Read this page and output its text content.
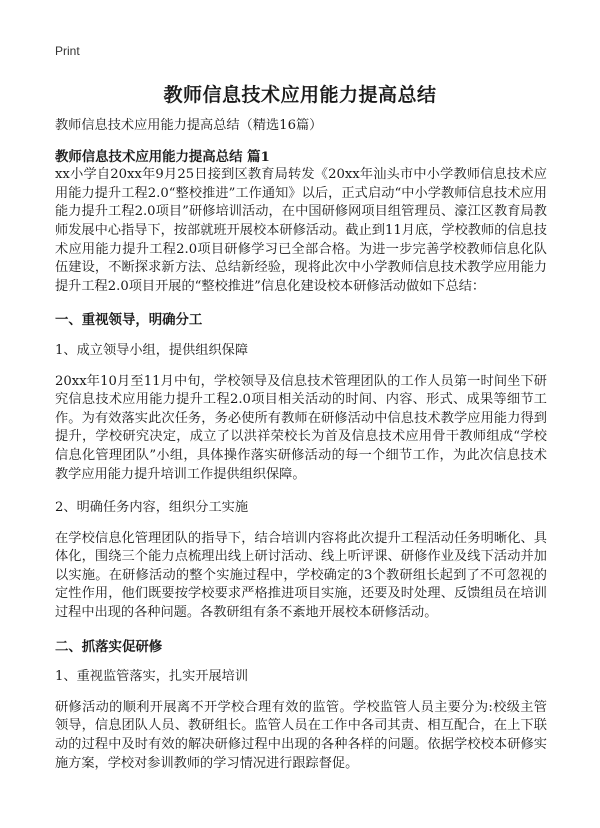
Print
教师信息技术应用能力提高总结

教师信息技术应用能力提高总结（精选16篇）

教师信息技术应用能力提高总结 篇1

xx小学自20xx年9月25日接到区教育局转发《20xx年汕头市中小学教师信息技术应用能力提升工程2.0“整校推进”工作通知》以后，正式启动“中小学教师信息技术应用能力提升工程2.0项目”研修培训活动，在中国研修网项目组管理员、濠江区教育局教师发展中心指导下，按部就班开展校本研修活动。截止到11月底，学校教师的信息技术应用能力提升工程2.0项目研修学习已全部合格。为进一步完善学校教师信息化队伍建设，不断探求新方法、总结新经验，现将此次中小学教师信息技术教学应用能力提升工程2.0项目开展的“整校推进”信息化建设校本研修活动做如下总结：

一、重视领导，明确分工

1、成立领导小组，提供组织保障

20xx年10月至11月中旬，学校领导及信息技术管理团队的工作人员第一时间坐下研究信息技术应用能力提升工程2.0项目相关活动的时间、内容、形式、成果等细节工作。为有效落实此次任务，务必使所有教师在研修活动中信息技术教学应用能力得到提升，学校研究决定，成立了以洪祥荣校长为首及信息技术应用骨干教师组成“学校信息化管理团队”小组，具体操作落实研修活动的每一个细节工作，为此次信息技术教学应用能力提升培训工作提供组织保障。

2、明确任务内容，组织分工实施

在学校信息化管理团队的指导下，结合培训内容将此次提升工程活动任务明晰化、具体化，围绕三个能力点梳理出线上研讨活动、线上听评课、研修作业及线下活动并加以实施。在研修活动的整个实施过程中，学校确定的3个教研组长起到了不可忽视的定性作用，他们既要按学校要求严格推进项目实施，还要及时处理、反馈组员在培训过程中出现的各种问题。各教研组有条不紊地开展校本研修活动。

二、抓落实促研修

1、重视监管落实，扎实开展培训

研修活动的顺利开展离不开学校合理有效的监管。学校监管人员主要分为:校级主管领导，信息团队人员、教研组长。监管人员在工作中各司其责、相互配合，在上下联动的过程中及时有效的解决研修过程中出现的各种各样的问题。依据学校校本研修实施方案，学校对参训教师的学习情况进行跟踪督促。
